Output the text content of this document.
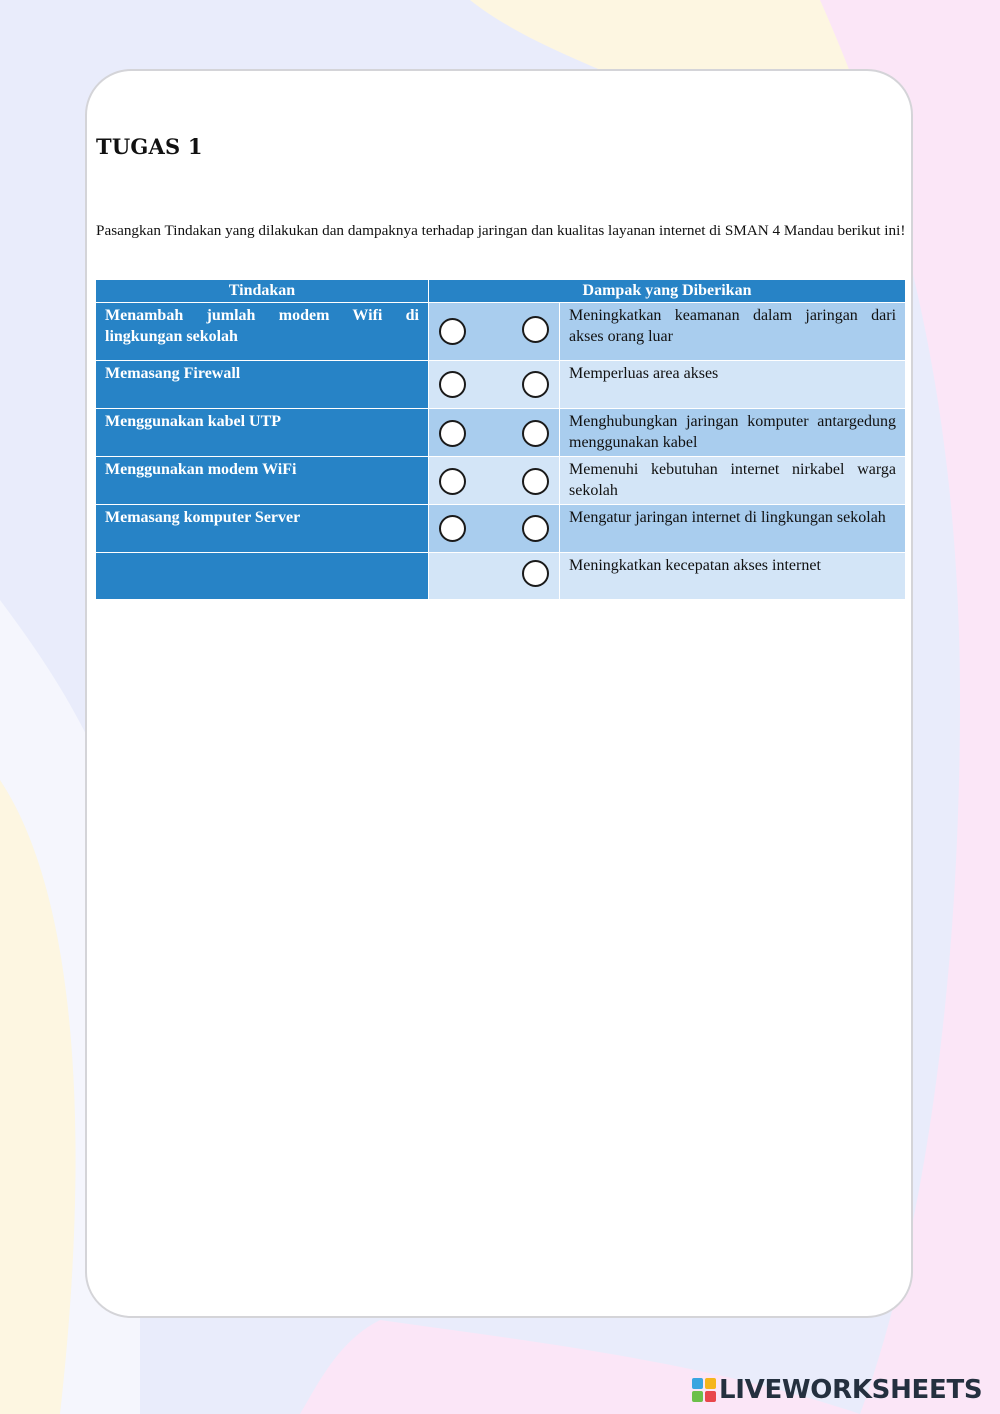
TUGAS 1

Pasangkan Tindakan yang dilakukan dan dampaknya terhadap jaringan dan kualitas layanan internet di SMAN 4 Mandau berikut ini!

Tindakan	Dampak yang Diberikan	
Menambah jumlah modem Wifi di lingkungan sekolah		Meningkatkan keamanan dalam jaringan dari akses orang luar
Memasang Firewall		Memperluas area akses
Menggunakan kabel UTP		Menghubungkan jaringan komputer antargedung menggunakan kabel
Menggunakan modem WiFi		Memenuhi kebutuhan internet nirkabel warga sekolah
Memasang komputer Server		Mengatur jaringan internet di lingkungan sekolah

	Meningkatkan kecepatan akses internet
LIVEWORKSHEETS
